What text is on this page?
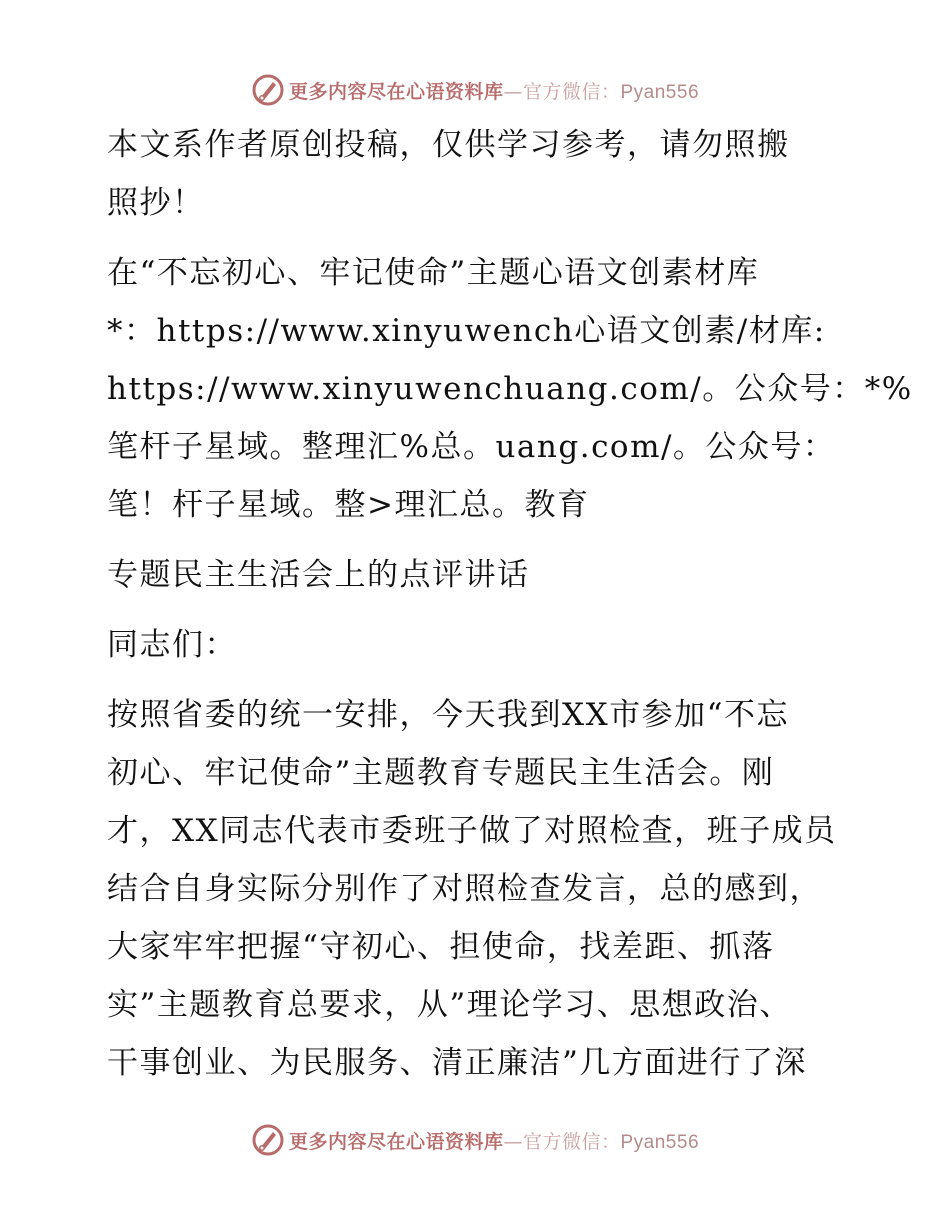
更多内容尽在心语资料库—官方微信：Pyan556
本文系作者原创投稿，仅供学习参考，请勿照搬
照抄！
在“不忘初心、牢记使命”主题心语文创素材库
*：https://www.xinyuwench心语文创素/材库:
https://www.xinyuwenchuang.com/。公众号：*%
笔杆子星域。整理汇%总。uang.com/。公众号：
笔！杆子星域。整>理汇总。教育
专题民主生活会上的点评讲话
同志们：
按照省委的统一安排，今天我到XX市参加“不忘
初心、牢记使命”主题教育专题民主生活会。刚
才，XX同志代表市委班子做了对照检查，班子成员
结合自身实际分别作了对照检查发言，总的感到，
大家牢牢把握“守初心、担使命，找差距、抓落
实”主题教育总要求，从”理论学习、思想政治、
干事创业、为民服务、清正廉洁”几方面进行了深
更多内容尽在心语资料库—官方微信：Pyan556
